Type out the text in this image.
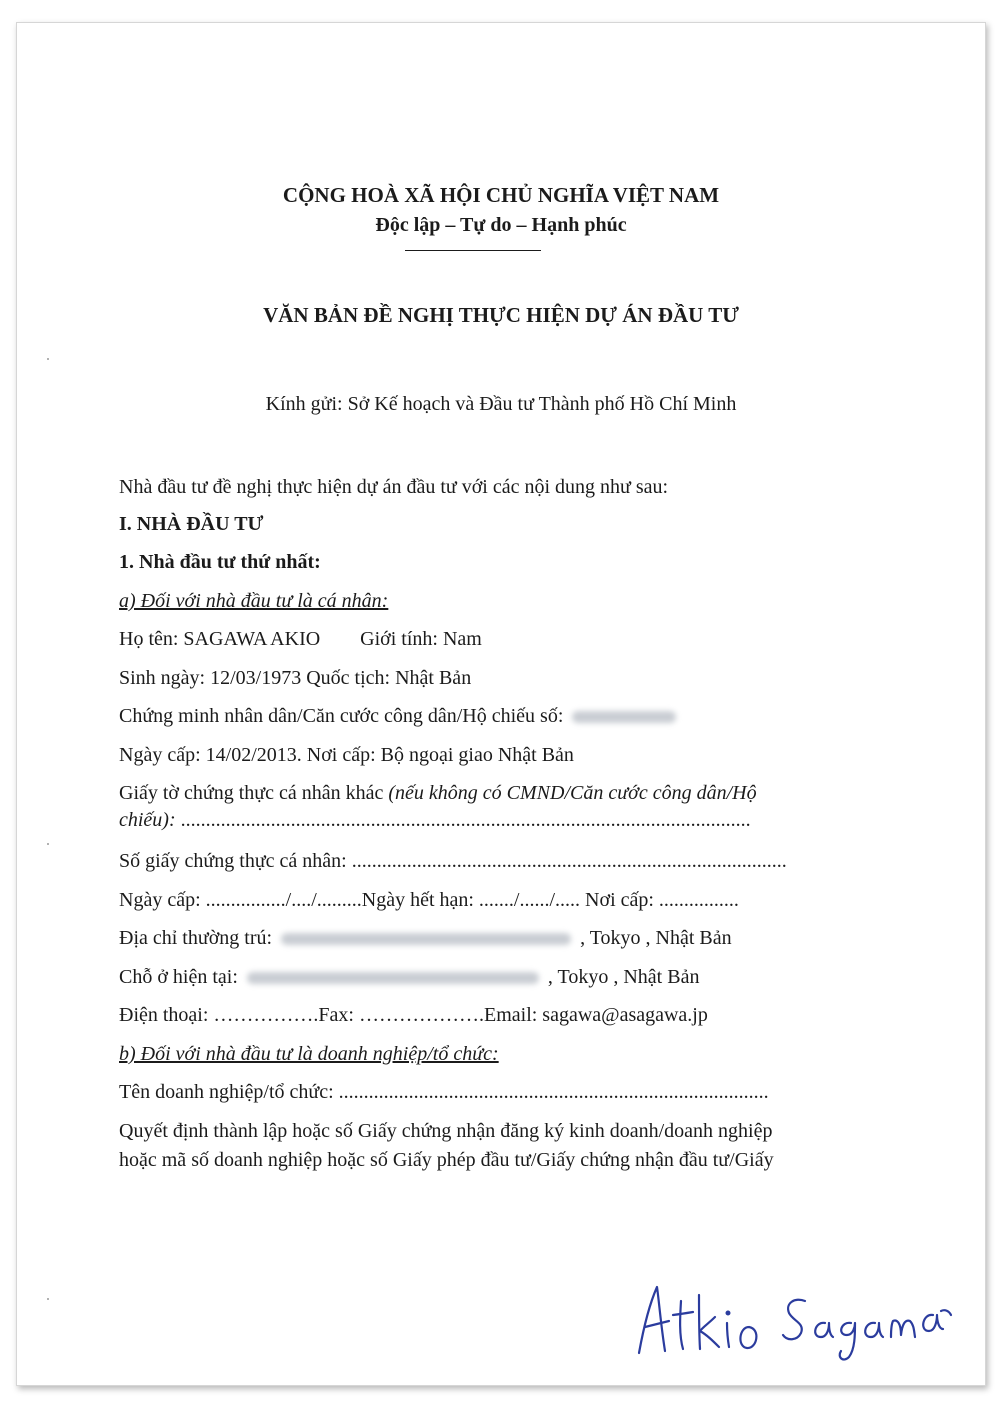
CỘNG HOÀ XÃ HỘI CHỦ NGHĨA VIỆT NAM
Độc lập – Tự do – Hạnh phúc
VĂN BẢN ĐỀ NGHỊ THỰC HIỆN DỰ ÁN ĐẦU TƯ
Kính gửi: Sở Kế hoạch và Đầu tư Thành phố Hồ Chí Minh
Nhà đầu tư đề nghị thực hiện dự án đầu tư với các nội dung như sau:
I. NHÀ ĐẦU TƯ
1. Nhà đầu tư thứ nhất:
a) Đối với nhà đầu tư là cá nhân:
Họ tên: SAGAWA AKIO Giới tính: Nam
Sinh ngày: 12/03/1973 Quốc tịch: Nhật Bản
Chứng minh nhân dân/Căn cước công dân/Hộ chiếu số:
Ngày cấp: 14/02/2013. Nơi cấp: Bộ ngoại giao Nhật Bản
Giấy tờ chứng thực cá nhân khác (nếu không có CMND/Căn cước công dân/Hộ
chiếu): ..................................................................................................................
Số giấy chứng thực cá nhân: .......................................................................................
Ngày cấp: ................/..../.........Ngày hết hạn: ......./....../..... Nơi cấp: ................
Địa chỉ thường trú:	, Tokyo , Nhật Bản
Chỗ ở hiện tại:	, Tokyo , Nhật Bản
Điện thoại: …………….Fax: ……………….Email: sagawa@asagawa.jp
b) Đối với nhà đầu tư là doanh nghiệp/tổ chức:
Tên doanh nghiệp/tổ chức: ......................................................................................
Quyết định thành lập hoặc số Giấy chứng nhận đăng ký kinh doanh/doanh nghiệp
hoặc mã số doanh nghiệp hoặc số Giấy phép đầu tư/Giấy chứng nhận đầu tư/Giấy
Akio Sagawa
